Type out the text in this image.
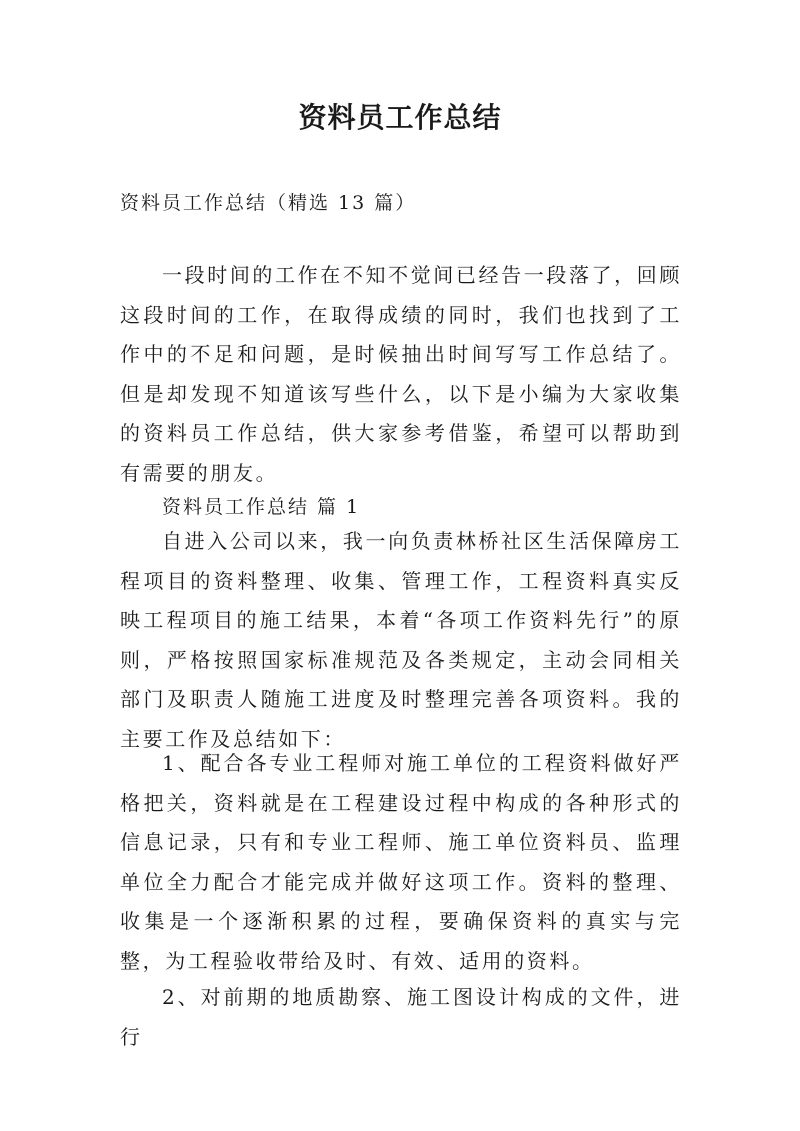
资料员工作总结
资料员工作总结（精选 13 篇）

一段时间的工作在不知不觉间已经告一段落了，回顾这段时间的工作，在取得成绩的同时，我们也找到了工作中的不足和问题，是时候抽出时间写写工作总结了。但是却发现不知道该写些什么，以下是小编为大家收集的资料员工作总结，供大家参考借鉴，希望可以帮助到有需要的朋友。

资料员工作总结 篇 1

自进入公司以来，我一向负责林桥社区生活保障房工程项目的资料整理、收集、管理工作，工程资料真实反映工程项目的施工结果，本着“各项工作资料先行”的原则，严格按照国家标准规范及各类规定，主动会同相关部门及职责人随施工进度及时整理完善各项资料。我的主要工作及总结如下：

1、配合各专业工程师对施工单位的工程资料做好严格把关，资料就是在工程建设过程中构成的各种形式的信息记录，只有和专业工程师、施工单位资料员、监理单位全力配合才能完成并做好这项工作。资料的整理、收集是一个逐渐积累的过程，要确保资料的真实与完整，为工程验收带给及时、有效、适用的资料。

2、对前期的地质勘察、施工图设计构成的文件，进行
